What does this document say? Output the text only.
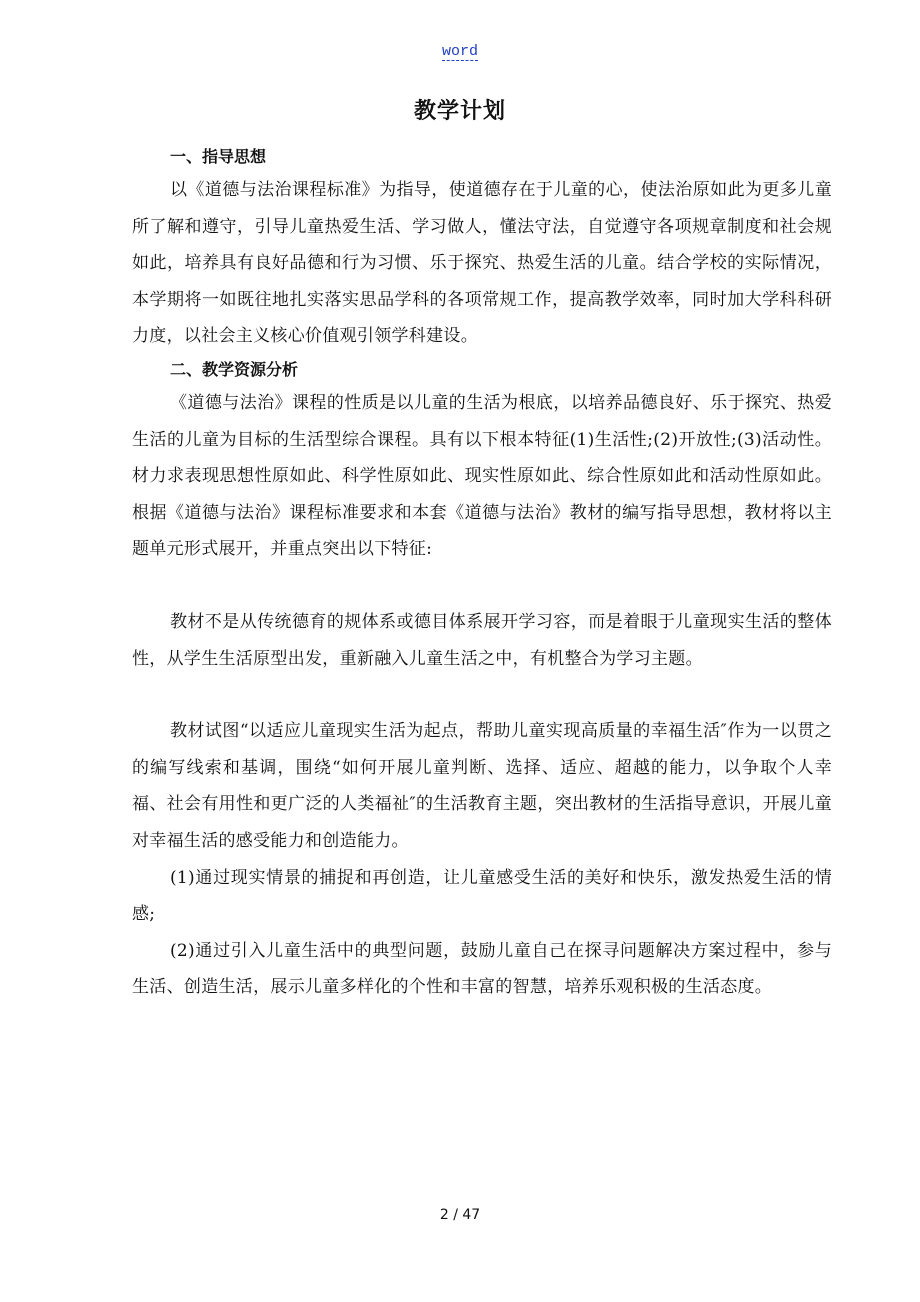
word
教学计划

一、指导思想

以《道德与法治课程标准》为指导，使道德存在于儿童的心，使法治原如此为更多儿童所了解和遵守，引导儿童热爱生活、学习做人，懂法守法，自觉遵守各项规章制度和社会规如此，培养具有良好品德和行为习惯、乐于探究、热爱生活的儿童。结合学校的实际情况，本学期将一如既往地扎实落实思品学科的各项常规工作，提高教学效率，同时加大学科科研力度，以社会主义核心价值观引领学科建设。

二、教学资源分析

《道德与法治》课程的性质是以儿童的生活为根底，以培养品德良好、乐于探究、热爱生活的儿童为目标的生活型综合课程。具有以下根本特征(1)生活性;(2)开放性;(3)活动性。材力求表现思想性原如此、科学性原如此、现实性原如此、综合性原如此和活动性原如此。根据《道德与法治》课程标准要求和本套《道德与法治》教材的编写指导思想，教材将以主题单元形式展开，并重点突出以下特征:

教材不是从传统德育的规体系或德目体系展开学习容，而是着眼于儿童现实生活的整体性，从学生生活原型出发，重新融入儿童生活之中，有机整合为学习主题。

教材试图“以适应儿童现实生活为起点，帮助儿童实现高质量的幸福生活″作为一以贯之的编写线索和基调，围绕“如何开展儿童判断、选择、适应、超越的能力，以争取个人幸福、社会有用性和更广泛的人类福祉″的生活教育主题，突出教材的生活指导意识，开展儿童对幸福生活的感受能力和创造能力。

(1)通过现实情景的捕捉和再创造，让儿童感受生活的美好和快乐，激发热爱生活的情感;

(2)通过引入儿童生活中的典型问题，鼓励儿童自己在探寻问题解决方案过程中，参与生活、创造生活，展示儿童多样化的个性和丰富的智慧，培养乐观积极的生活态度。

2 / 47
